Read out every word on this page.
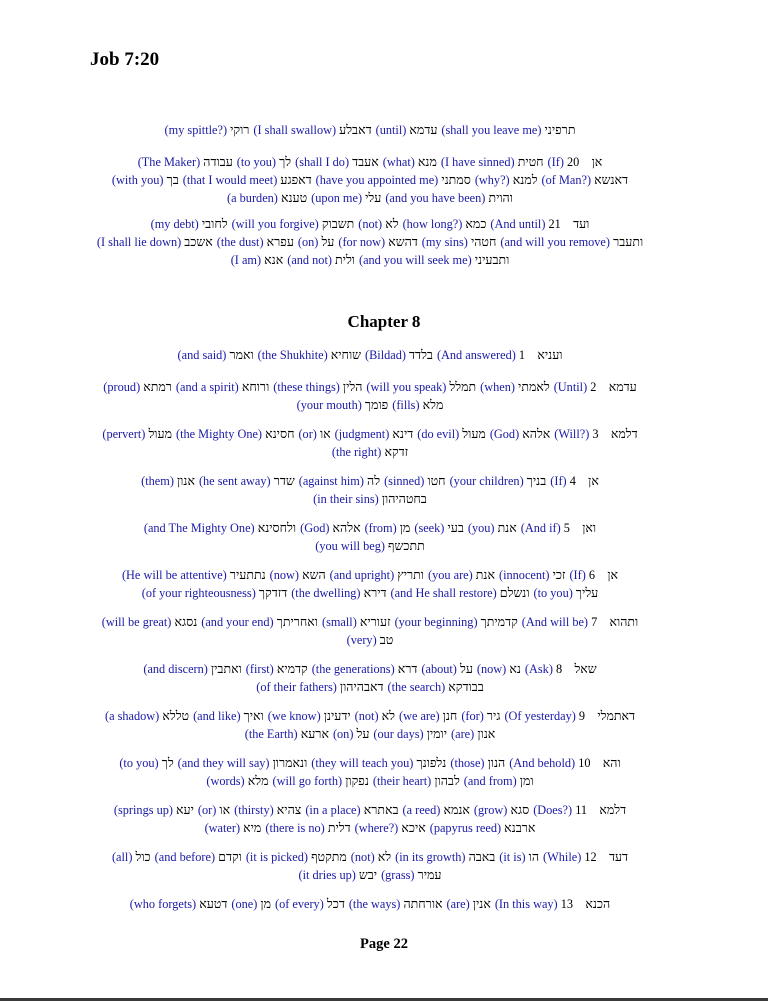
Job 7:20
Chapter 8
(my spittle?) רוקי (I shall swallow) דאבלע (until) עדמא (shall you leave me) תרפיני
(The Maker) עבודה (to you) לך (shall I do) אעבד (what) מנא (I have sinned) חטית (If) אן    20
(with you) בך (that I would meet) דאפגע (have you appointed me) סמתני (why?) למנא (of Man?) דאנשא
(a burden) טענא (upon me) עלי (and you have been) והוית
(my debt) לחובי (will you forgive) תשבוק (not) לא (how long?) כמא (And until) ועד    21
(I shall lie down) אשכב (the dust) עפרא (on) על (for now) דהשא (my sins) חטהי (and will you remove) ותעבר
(I am) אנא (and not) ולית (and you will seek me) ותבעיני
(and said) ואמר (the Shukhite) שוחיא (Bildad) בלדד (And answered) ועניא    1
(proud) רמתא (and a spirit) ורוחא (these things) הלין (will you speak) תמלל (when) לאמתי (Until) עדמא    2
(your mouth) פומך (fills) מלא
(pervert) מעול (the Mighty One) חסינא (or) או (judgment) דינא (do evil) מעול (God) אלהא (Will?) דלמא    3
(the right) זדקא
(them) אנון (he sent away) שדר (against him) לה (sinned) חטו (your children) בניך (If) אן    4
(in their sins) בחטהיהון
(and The Mighty One) ולחסינא (God) אלהא (from) מן (seek) בעי (you) אנת (And if) ואן    5
(you will beg) תתכשף
(He will be attentive) נתתעיר (now) השא (and upright) ותריץ (you are) אנת (innocent) זכי (If) אן    6
(of your righteousness) דזדקך (the dwelling) דירא (and He shall restore) ונשלם (to you) עליך
(will be great) נסגא (and your end) ואחריתך (small) זעוריא (your beginning) קדמיתך (And will be) ותהוא    7
(very) טב
(and discern) ואתבין (first) קדמיא (the generations) דרא (about) על (now) נא (Ask) שאל    8
(of their fathers) דאבהיהון (the search) בבודקא
(a shadow) טללא (and like) ואיך (we know) ידעינן (not) לא (we are) חנן (for) גיר (Of yesterday) דאתמלי    9
(the Earth) ארעא (on) על (our days) יומין (are) אנון
(to you) לך (and they will say) ונאמרון (they will teach you) נלפונך (those) הנון (And behold) והא    10
(words) מלא (will go forth) נפקון (their heart) לבהון (and from) ומן
(springs up) יעא (or) או (thirsty) צהיא (in a place) באתרא (a reed) אנמא (grow) סגא (Does?) דלמא    11
(water) מיא (there is no) דלית (where?) איכא (papyrus reed) ארבנא
(all) כול (and before) וקדם (it is picked) מתקטף (not) לא (in its growth) באבה (it is) הו (While) דעד    12
(it dries up) יבש (grass) עמיר
(who forgets) דטעא (one) מן (of every) דכל (the ways) אורחתה (are) אנין (In this way) הכנא    13
Page 22
